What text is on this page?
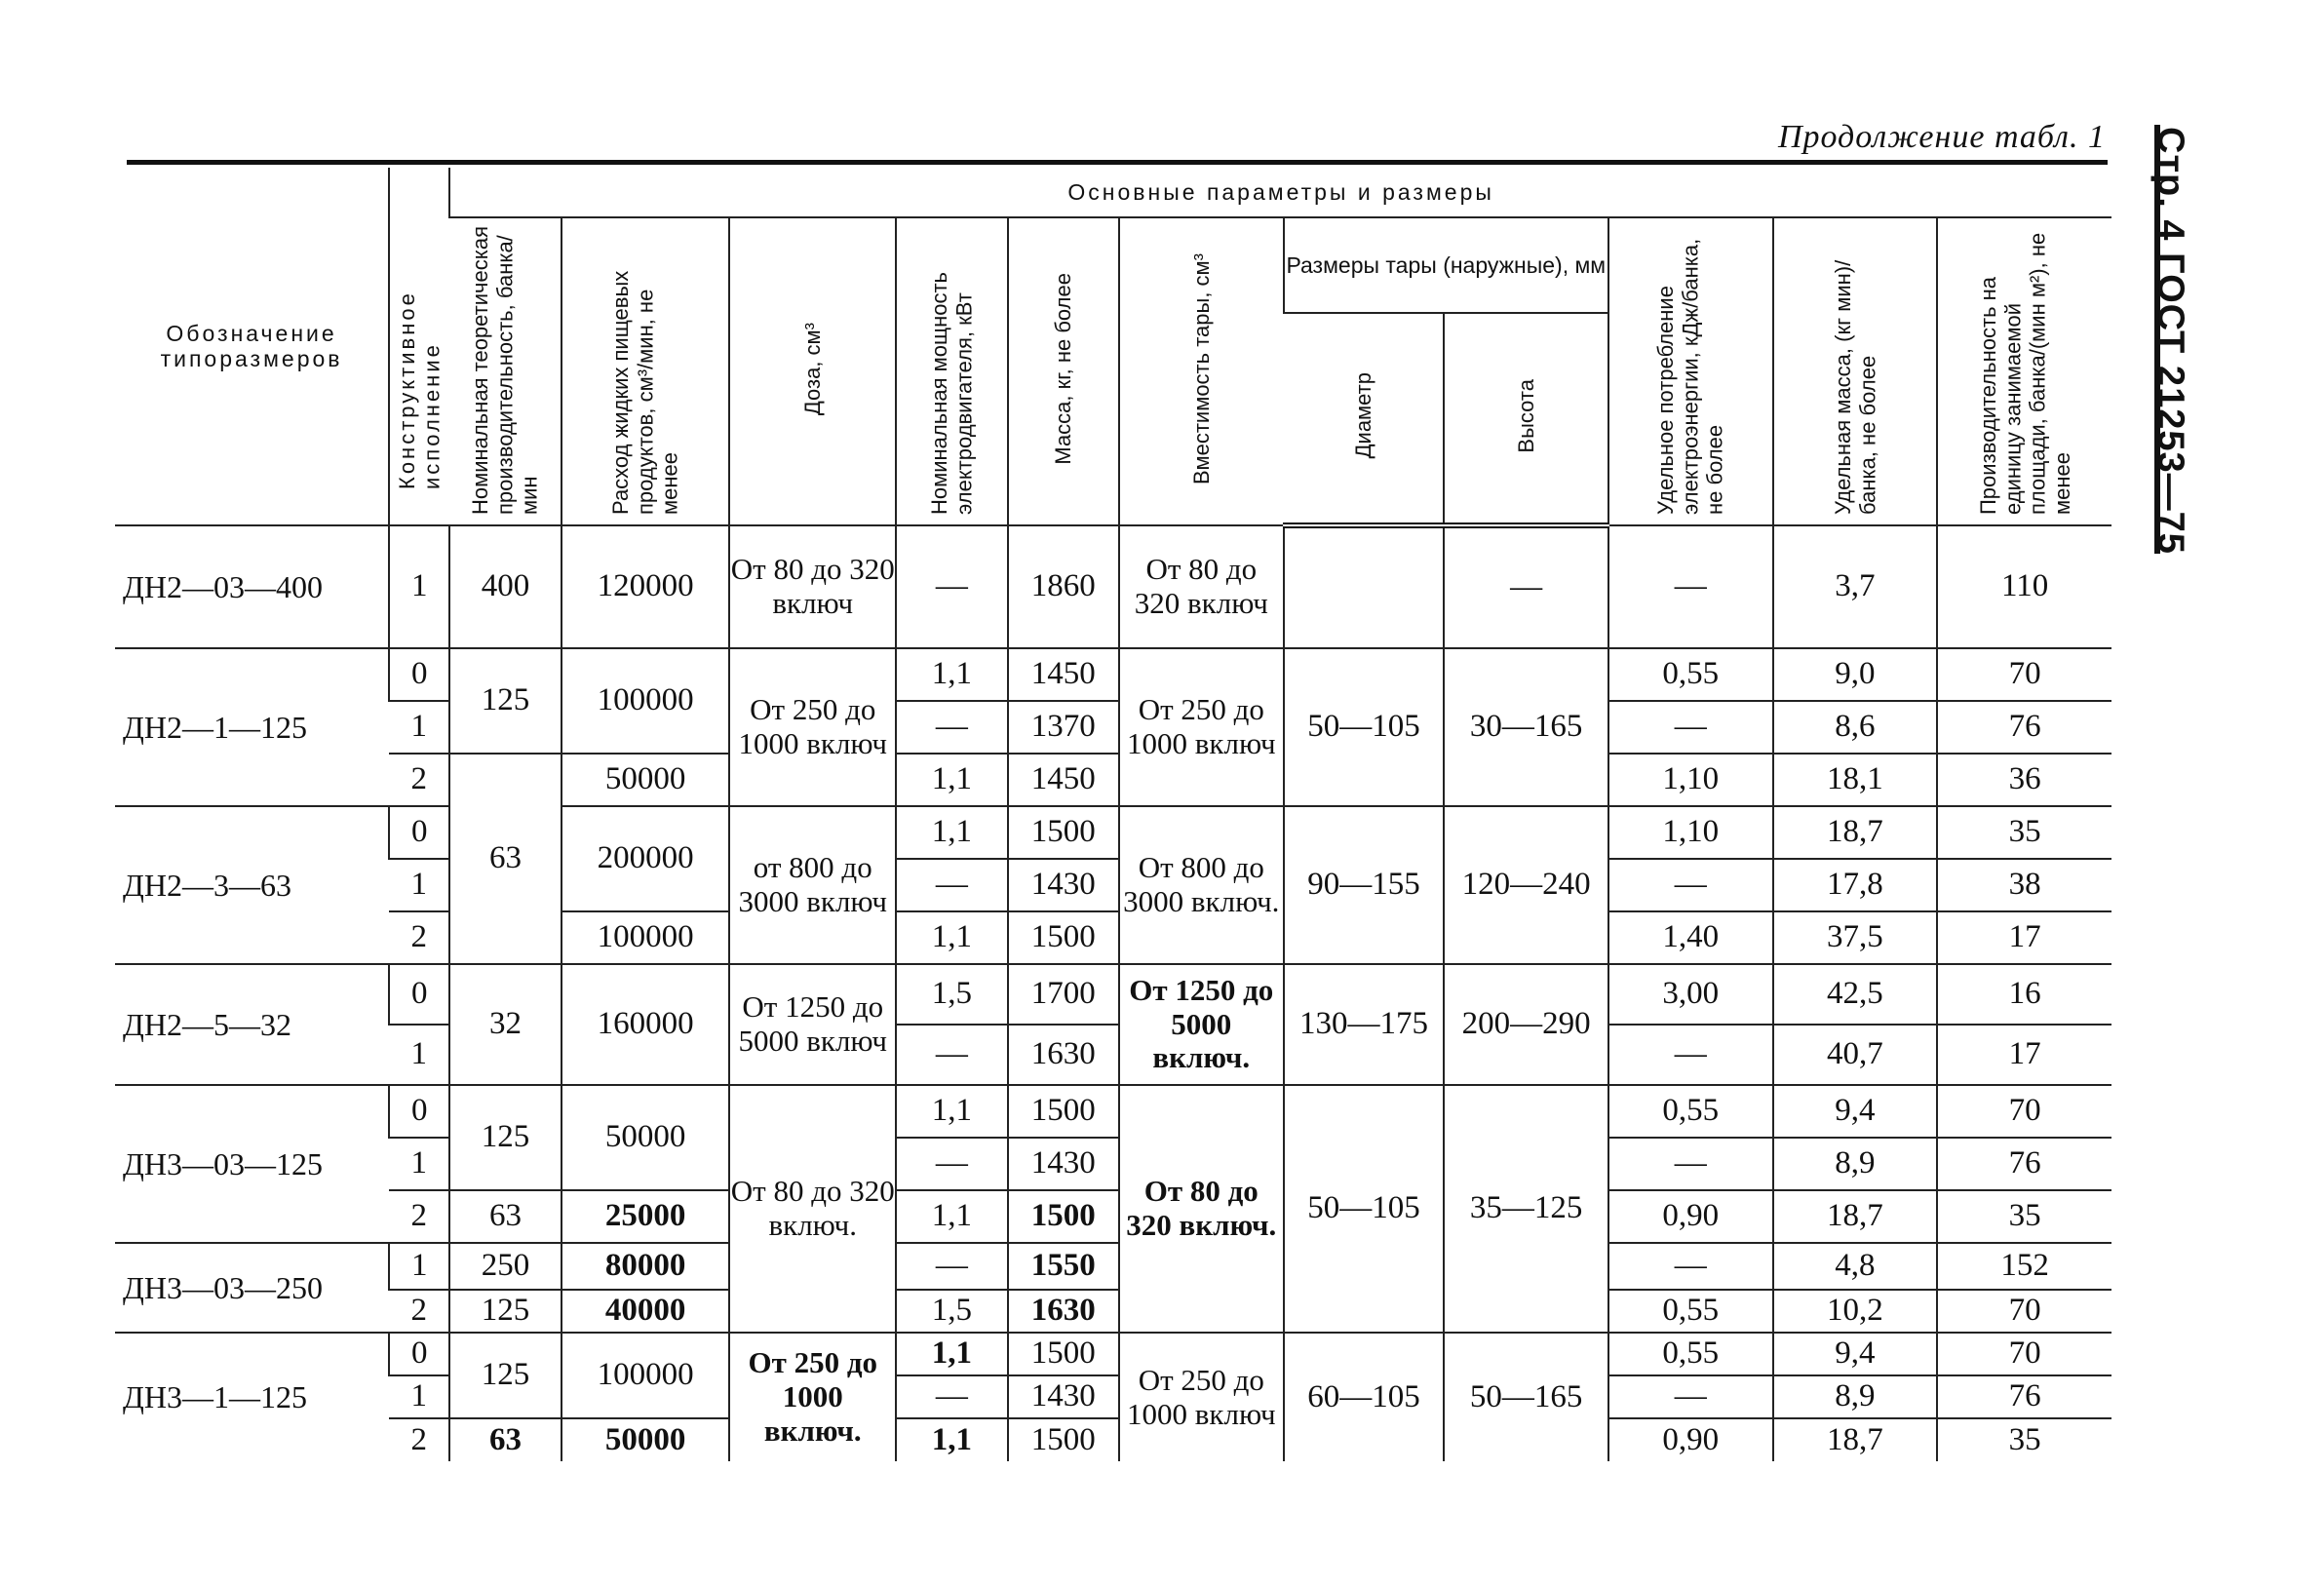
Продолжение табл. 1 Стр. 4 ГОСТ 21253—75
Обозначение типоразмеров	Конструктивное исполнение	Основные параметры и размеры										
		Номинальная теоретическая производительность, банка/мин	Расход жидких пищевых продуктов, см³/мин, не менее	Доза, см³	Номинальная мощность электродвигателя, кВт	Масса, кг, не более	Вместимость тары, см³	Размеры тары (наружные), мм		Удельное потребление электроэнергии, кДж/банка, не более	Удельная масса, (кг мин)/банка, не более	Производительность на единицу занимаемой площади, банка/(мин м²), не менее
								Диаметр	Высота			
ДН2—03—400	1	400	120000	От 80 до 320 включ	—	1860	От 80 до 320 включ		—	—	3,7	110
ДН2—1—125	0	125	100000	От 250 до 1000 включ	1,1	1450	От 250 до 1000 включ	50—105	30—165	0,55	9,0	70
	1				—	1370				—	8,6	76
	2	63	50000		1,1	1450				1,10	18,1	36
ДН2—3—63	0		200000	от 800 до 3000 включ	1,1	1500	От 800 до 3000 включ.	90—155	120—240	1,10	18,7	35
	1				—	1430				—	17,8	38
	2		100000		1,1	1500				1,40	37,5	17
ДН2—5—32	0	32	160000	От 1250 до 5000 включ	1,5	1700	От 1250 до 5000 включ.	130—175	200—290	3,00	42,5	16
	1				—	1630				—	40,7	17
ДН3—03—125	0	125	50000	От 80 до 320 включ.	1,1	1500	От 80 до 320 включ.	50—105	35—125	0,55	9,4	70
	1				—	1430				—	8,9	76
	2	63	25000		1,1	1500				0,90	18,7	35
ДН3—03—250	1	250	80000		—	1550				—	4,8	152
	2	125	40000		1,5	1630				0,55	10,2	70
ДН3—1—125	0	125	100000	От 250 до 1000 включ.	1,1	1500	От 250 до 1000 включ	60—105	50—165	0,55	9,4	70
	1				—	1430				—	8,9	76
	2	63	50000		1,1	1500				0,90	18,7	35
